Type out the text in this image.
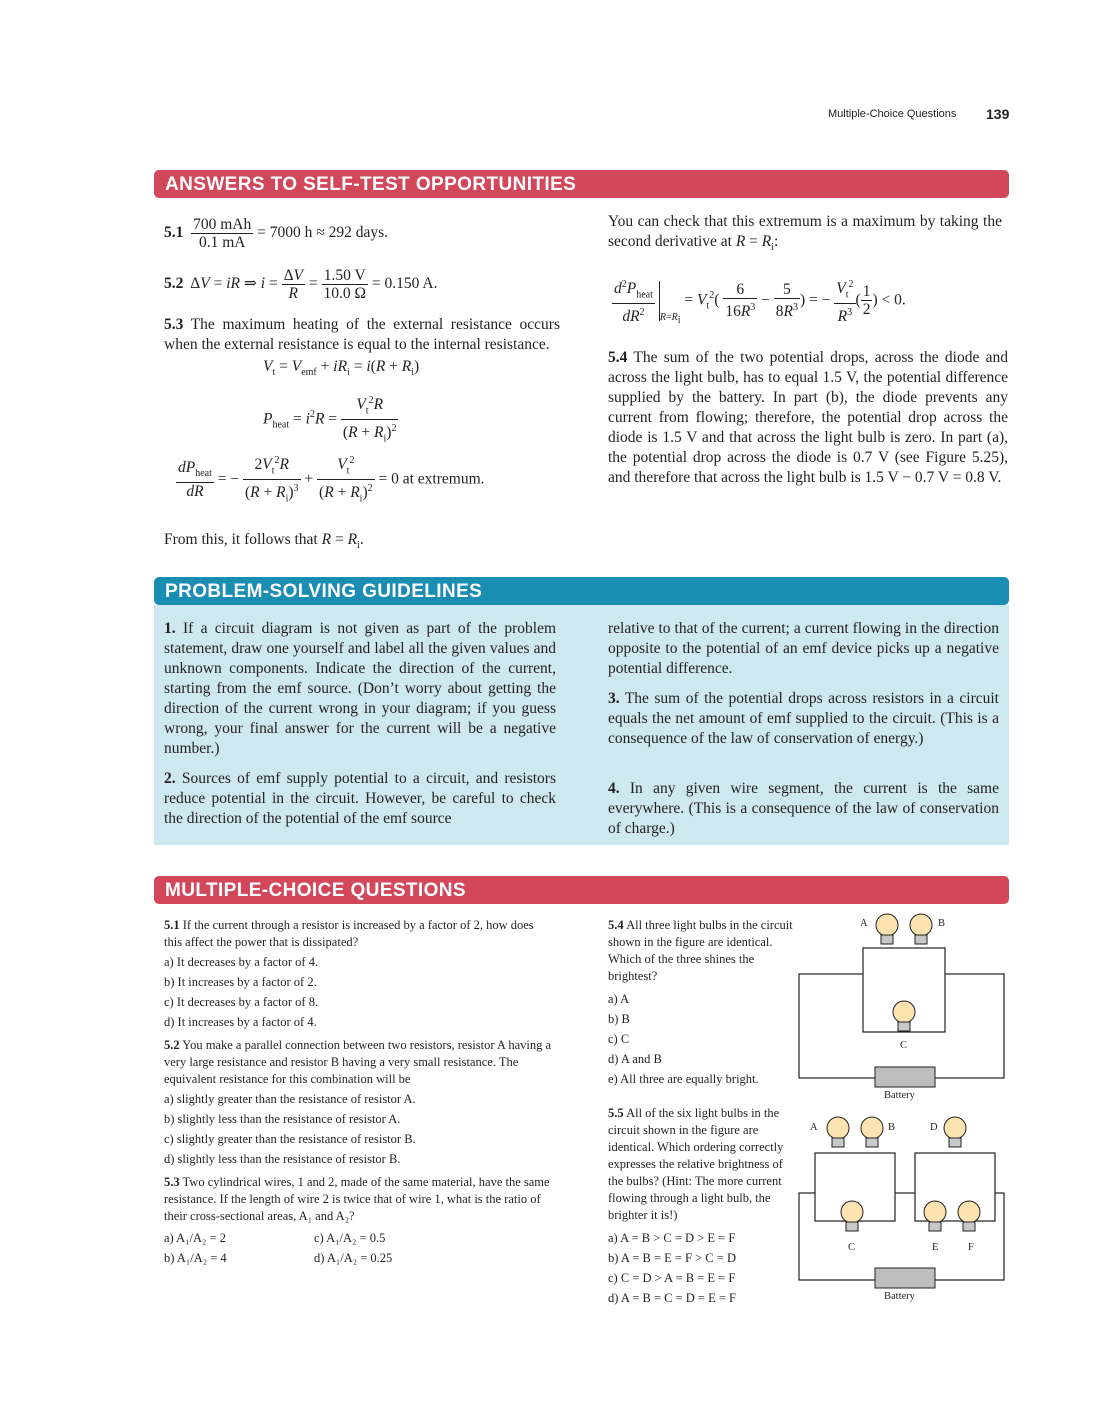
Multiple-Choice Questions 139
ANSWERS TO SELF-TEST OPPORTUNITIES
$5.1 \frac{\text{700 mAh}}{0.1 mA} = 7000$ h ≈ 292 days.
5.2  ΔV = iR ⇒ $i = \frac{\Delta V}{R} = \frac{1.50 V}{10.0 \Omega} = 0.150$ A.
5.3 The maximum heating of the external resistance occurs when the external resistance is equal to the internal resistance.
$V_t = V_{emf} + iR_i = i(R + R_i)$
$P_{heat} = i^2R = \frac{V_t^2R}{(R + R_i)^2}$
$\frac{dP_{heat}}{dR}$ = − $\frac{2V_t^2R}{(R + R_i)^3} + \frac{V_t^2}{(R + R_i)^2} = 0$ at extremum.
From this, it follows that $R = R_i$.
You can check that this extremum is a maximum by taking the second derivative at $R = R_i$:
$\frac{d^2P_{heat}}{dR^2} _{R=R_i} = V_t^2( \frac{6}{16R^3} - \frac{5}{8R^3}$ ) = − $\frac{V_t^2}{R^3}$ ( $\frac{1}{2}$ ) < 0.
5.4 The sum of the two potential drops, across the diode and across the light bulb, has to equal 1.5 V, the potential difference supplied by the battery. In part (b), the diode prevents any current from flowing; therefore, the potential drop across the diode is 1.5 V and that across the light bulb is zero. In part (a), the potential drop across the diode is 0.7 V (see Figure 5.25), and therefore that across the light bulb is 1.5 V − 0.7 V = 0.8 V.
PROBLEM-SOLVING GUIDELINES
1. If a circuit diagram is not given as part of the problem statement, draw one yourself and label all the given values and unknown components. Indicate the direction of the current, starting from the emf source. (Don’t worry about getting the direction of the current wrong in your diagram; if you guess wrong, your final answer for the current will be a negative number.)
2. Sources of emf supply potential to a circuit, and resistors reduce potential in the circuit. However, be careful to check the direction of the potential of the emf source
relative to that of the current; a current flowing in the direction opposite to the potential of an emf device picks up a negative potential difference.
3. The sum of the potential drops across resistors in a circuit equals the net amount of emf supplied to the circuit. (This is a consequence of the law of conservation of energy.)
4. In any given wire segment, the current is the same everywhere. (This is a consequence of the law of conservation of charge.)
MULTIPLE-CHOICE QUESTIONS

5.1 If the current through a resistor is increased by a factor of 2, how does this affect the power that is dissipated?

a) It decreases by a factor of 4.

b) It increases by a factor of 2.

c) It decreases by a factor of 8.

d) It increases by a factor of 4.

5.2 You make a parallel connection between two resistors, resistor A having a very large resistance and resistor B having a very small resistance. The equivalent resistance for this combination will be

a) slightly greater than the resistance of resistor A.

b) slightly less than the resistance of resistor A.

c) slightly greater than the resistance of resistor B.

d) slightly less than the resistance of resistor B.

5.3 Two cylindrical wires, 1 and 2, made of the same material, have the same resistance. If the length of wire 2 is twice that of wire 1, what is the ratio of their cross-sectional areas, A₁ and A₂?

a) A₁/A₂ = 2

b) A₁/A₂ = 4

c) A₁/A₂ = 0.5

d) A₁/A₂ = 0.25

5.4 All three light bulbs in the circuit shown in the figure are identical. Which of the three shines the brightest?

a) A

b) B

c) C

d) A and B

e) All three are equally bright.

5.5 All of the six light bulbs in the circuit shown in the figure are identical. Which ordering correctly expresses the relative brightness of the bulbs? (Hint: The more current flowing through a light bulb, the brighter it is!)

a) A = B > C = D > E = F

b) A = B = E = F > C = D

c) C = D > A = B = E = F

d) A = B = C = D = E = F

A	B
C
Battery
A	B
C
D
E	F
Battery
